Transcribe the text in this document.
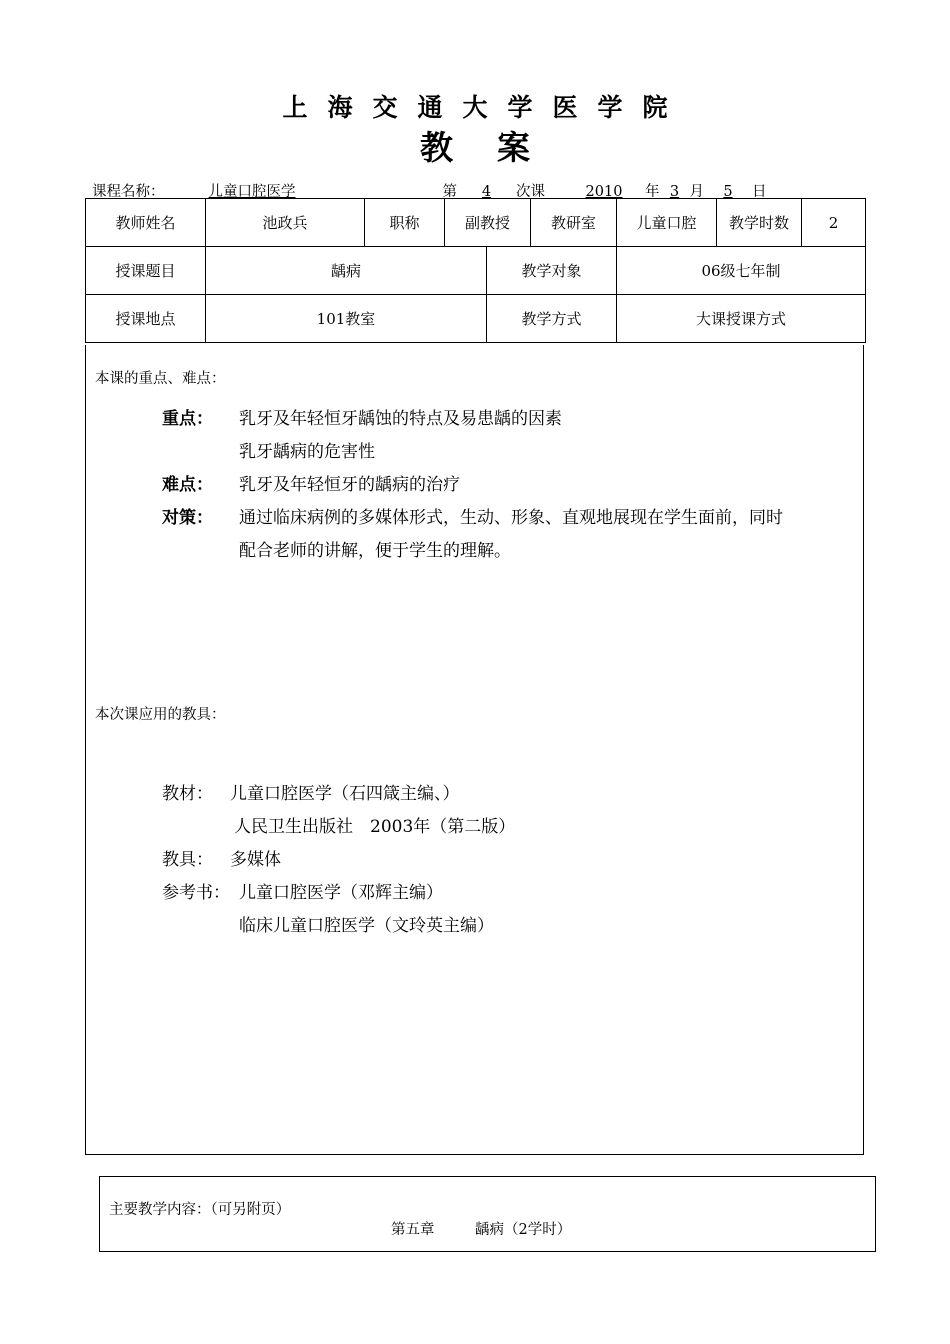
上海交通大学医学院
教案
课程名称：	儿童口腔医学	第 4 次课	2010 年 3 月 5 日
教师姓名	池政兵	职称	副教授		教研室	儿童口腔	教学时数	2
授课题目	龋病			教学对象		06级七年制		
授课地点	101教室			教学方式		大课授课方式		
本课的重点、难点：
重点： 乳牙及年轻恒牙龋蚀的特点及易患龋的因素
乳牙龋病的危害性
难点： 乳牙及年轻恒牙的龋病的治疗
对策： 通过临床病例的多媒体形式，生动、形象、直观地展现在学生面前，同时
配合老师的讲解，便于学生的理解。
本次课应用的教具：
教材： 儿童口腔医学（石四箴主编、）
人民卫生出版社　2003年（第二版）
教具： 多媒体
参考书： 儿童口腔医学（邓辉主编）
临床儿童口腔医学（文玲英主编）
主要教学内容：（可另附页）
第五章	龋病（2学时）
